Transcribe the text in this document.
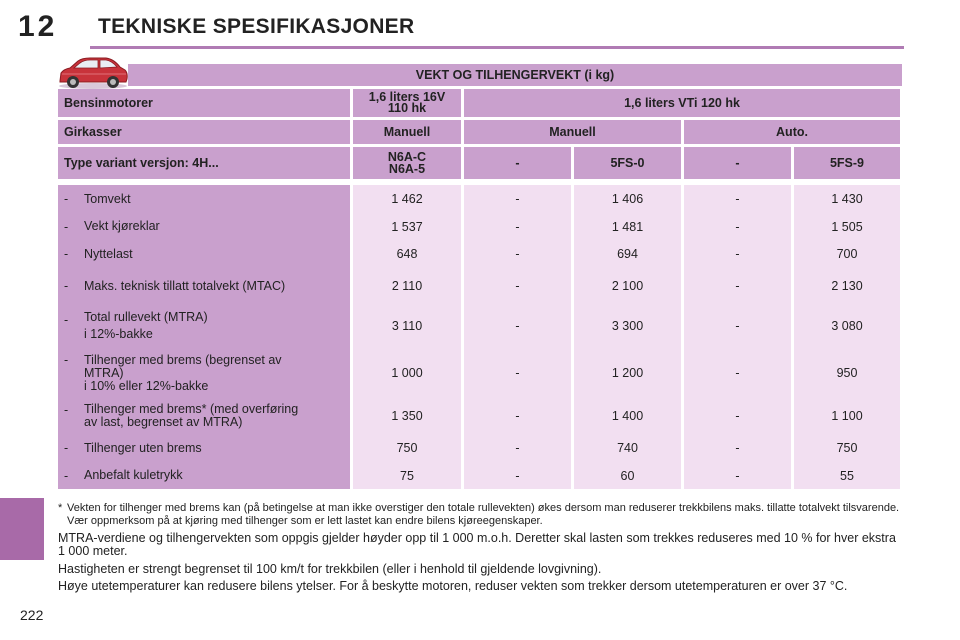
12 TEKNISKE SPESIFIKASJONER
222
VEKT OG TILHENGERVEKT (i kg)
Bensinmotorer	1,6 liters 16V
110 hk	1,6 liters VTi 120 hk
Girkasser	Manuell	Manuell	Auto.
Type variant versjon: 4H...	N6A-C
N6A-5	-	5FS-0	-	5FS-9
-	Tomvekt	1 462	-	1 406	-	1 430
-	Vekt kjøreklar	1 537	-	1 481	-	1 505
-	Nyttelast	648	-	694	-	700
-	Maks. teknisk tillatt totalvekt (MTAC)	2 110	-	2 100	-	2 130
-	Total rullevekt (MTRA)
i 12%-bakke
3 110	-	3 300	-	3 080
-	Tilhenger med brems (begrenset av
MTRA)
i 10% eller 12%-bakke
1 000	-	1 200	-	950
-	Tilhenger med brems* (med overføring
av last, begrenset av MTRA)	1 350	-	1 400	-	1 100
-	Tilhenger uten brems	750	-	740	-	750
-	Anbefalt kuletrykk	75	-	60	-	55
* Vekten for tilhenger med brems kan (på betingelse at man ikke overstiger den totale rullevekten) økes dersom man reduserer trekkbilens maks. tillatte totalvekt tilsvarende. Vær oppmerksom på at kjøring med tilhenger som er lett lastet kan endre bilens kjøreegenskaper.
MTRA-verdiene og tilhengervekten som oppgis gjelder høyder opp til 1 000 m.o.h. Deretter skal lasten som trekkes reduseres med 10 % for hver ekstra 1 000 meter.
Hastigheten er strengt begrenset til 100 km/t for trekkbilen (eller i henhold til gjeldende lovgivning).
Høye utetemperaturer kan redusere bilens ytelser. For å beskytte motoren, reduser vekten som trekker dersom utetemperaturen er over 37 °C.
